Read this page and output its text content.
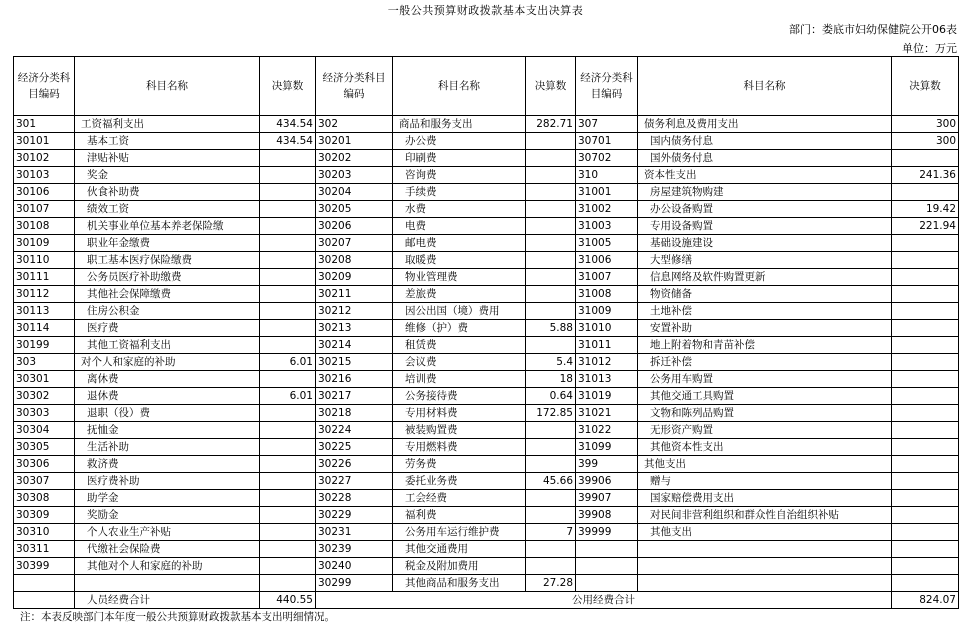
一般公共预算财政拨款基本支出决算表
部门：娄底市妇幼保健院公开06表
单位：万元
经济分类科目编码	科目名称	决算数	经济分类科目编码	科目名称	决算数	经济分类科目编码	科目名称	决算数
301	工资福利支出	434.54	302	商品和服务支出	282.71	307	债务利息及费用支出	300
30101	基本工资	434.54	30201	办公费		30701	国内债务付息	300
30102	津贴补贴		30202	印刷费		30702	国外债务付息	
30103	奖金		30203	咨询费		310	资本性支出	241.36
30106	伙食补助费		30204	手续费		31001	房屋建筑物购建	
30107	绩效工资		30205	水费		31002	办公设备购置	19.42
30108	机关事业单位基本养老保险缴		30206	电费		31003	专用设备购置	221.94
30109	职业年金缴费		30207	邮电费		31005	基础设施建设	
30110	职工基本医疗保险缴费		30208	取暖费		31006	大型修缮	
30111	公务员医疗补助缴费		30209	物业管理费		31007	信息网络及软件购置更新	
30112	其他社会保障缴费		30211	差旅费		31008	物资储备	
30113	住房公积金		30212	因公出国（境）费用		31009	土地补偿	
30114	医疗费		30213	维修（护）费	5.88	31010	安置补助	
30199	其他工资福利支出		30214	租赁费		31011	地上附着物和青苗补偿	
303	对个人和家庭的补助	6.01	30215	会议费	5.4	31012	拆迁补偿	
30301	离休费		30216	培训费	18	31013	公务用车购置	
30302	退休费	6.01	30217	公务接待费	0.64	31019	其他交通工具购置	
30303	退职（役）费		30218	专用材料费	172.85	31021	文物和陈列品购置	
30304	抚恤金		30224	被装购置费		31022	无形资产购置	
30305	生活补助		30225	专用燃料费		31099	其他资本性支出	
30306	救济费		30226	劳务费		399	其他支出	
30307	医疗费补助		30227	委托业务费	45.66	39906	赠与	
30308	助学金		30228	工会经费		39907	国家赔偿费用支出	
30309	奖励金		30229	福利费		39908	对民间非营利组织和群众性自治组织补贴	
30310	个人农业生产补贴		30231	公务用车运行维护费	7	39999	其他支出	
30311	代缴社会保险费		30239	其他交通费用				
30399	其他对个人和家庭的补助		30240	税金及附加费用				
			30299	其他商品和服务支出	27.28			
	人员经费合计	440.55	公用经费合计					824.07
注：本表反映部门本年度一般公共预算财政拨款基本支出明细情况。
